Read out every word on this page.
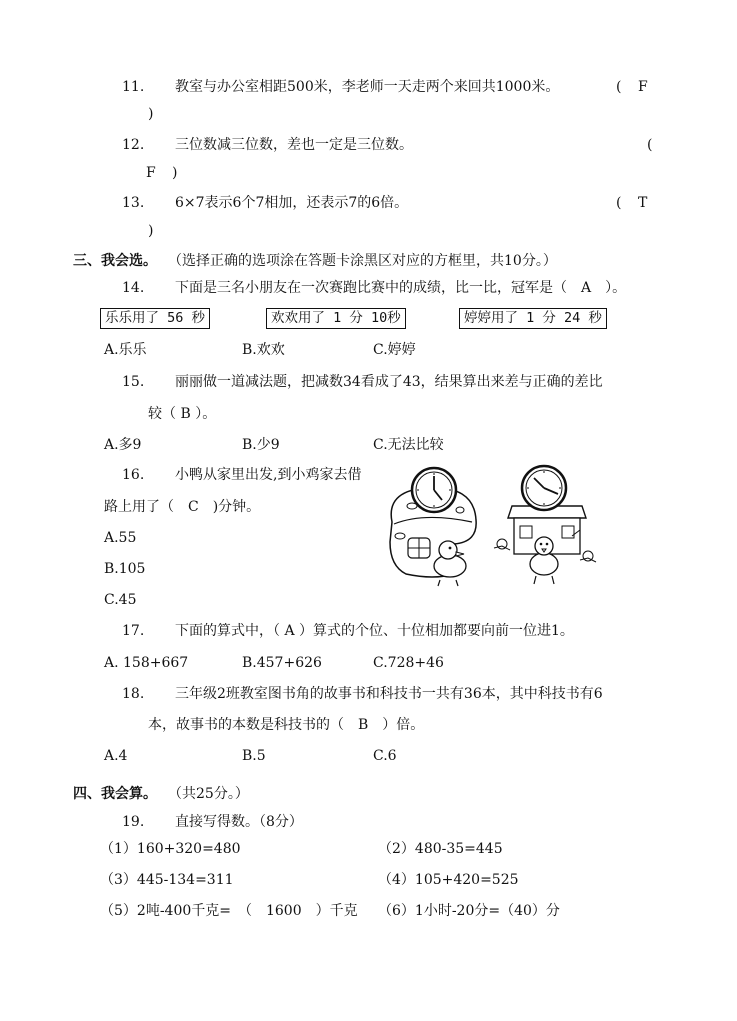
11. 教室与办公室相距500米，李老师一天走两个来回共1000米。	( F
)
12. 三位数减三位数，差也一定是三位数。	(
F )
13. 6×7表示6个7相加，还表示7的6倍。	( T
)
三、我会选。 （选择正确的选项涂在答题卡涂黑区对应的方框里，共10分。）
14. 下面是三名小朋友在一次赛跑比赛中的成绩，比一比，冠军是（　A　）。
乐乐用了 56 秒	欢欢用了 1 分 10秒	婷婷用了 1 分 24 秒
A.乐乐	B.欢欢	C.婷婷
15. 丽丽做一道减法题，把减数34看成了43，结果算出来差与正确的差比
较（ B ）。
A.多9	B.少9	C.无法比较
16. 小鸭从家里出发,到小鸡家去借
路上用了（　C　)分钟。
A.55
B.105
C.45
17. 下面的算式中，（ A ）算式的个位、十位相加都要向前一位进1。
A. 158+667	B.457+626	C.728+46
18. 三年级2班教室图书角的故事书和科技书一共有36本，其中科技书有6
本，故事书的本数是科技书的（　B　）倍。
A.4	B.5	C.6
四、我会算。 （共25分。）
19. 直接写得数。（8分）
（1）160+320=480	（2）480-35=445
（3）445-134=311	（4）105+420=525
（5）2吨-400千克=　（　1600　）千克 （6）1小时-20分=（40）分
